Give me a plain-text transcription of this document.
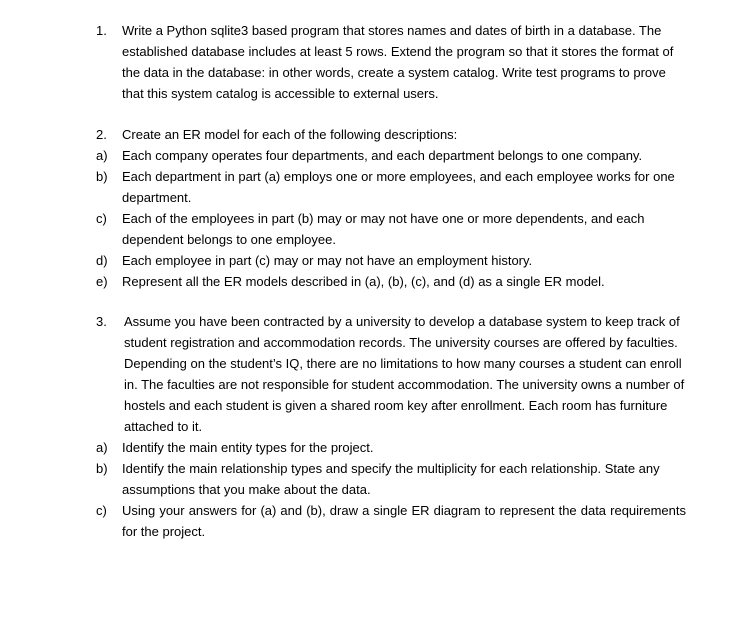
1. Write a Python sqlite3 based program that stores names and dates of birth in a database. The established database includes at least 5 rows. Extend the program so that it stores the format of the data in the database: in other words, create a system catalog. Write test programs to prove that this system catalog is accessible to external users.
2. Create an ER model for each of the following descriptions:
a) Each company operates four departments, and each department belongs to one company.
b) Each department in part (a) employs one or more employees, and each employee works for one department.
c) Each of the employees in part (b) may or may not have one or more dependents, and each dependent belongs to one employee.
d) Each employee in part (c) may or may not have an employment history.
e) Represent all the ER models described in (a), (b), (c), and (d) as a single ER model.
3. Assume you have been contracted by a university to develop a database system to keep track of student registration and accommodation records. The university courses are offered by faculties. Depending on the student’s IQ, there are no limitations to how many courses a student can enroll in. The faculties are not responsible for student accommodation. The university owns a number of hostels and each student is given a shared room key after enrollment. Each room has furniture attached to it.
a) Identify the main entity types for the project.
b) Identify the main relationship types and specify the multiplicity for each relationship. State any assumptions that you make about the data.
c) Using your answers for (a) and (b), draw a single ER diagram to represent the data requirements for the project.
